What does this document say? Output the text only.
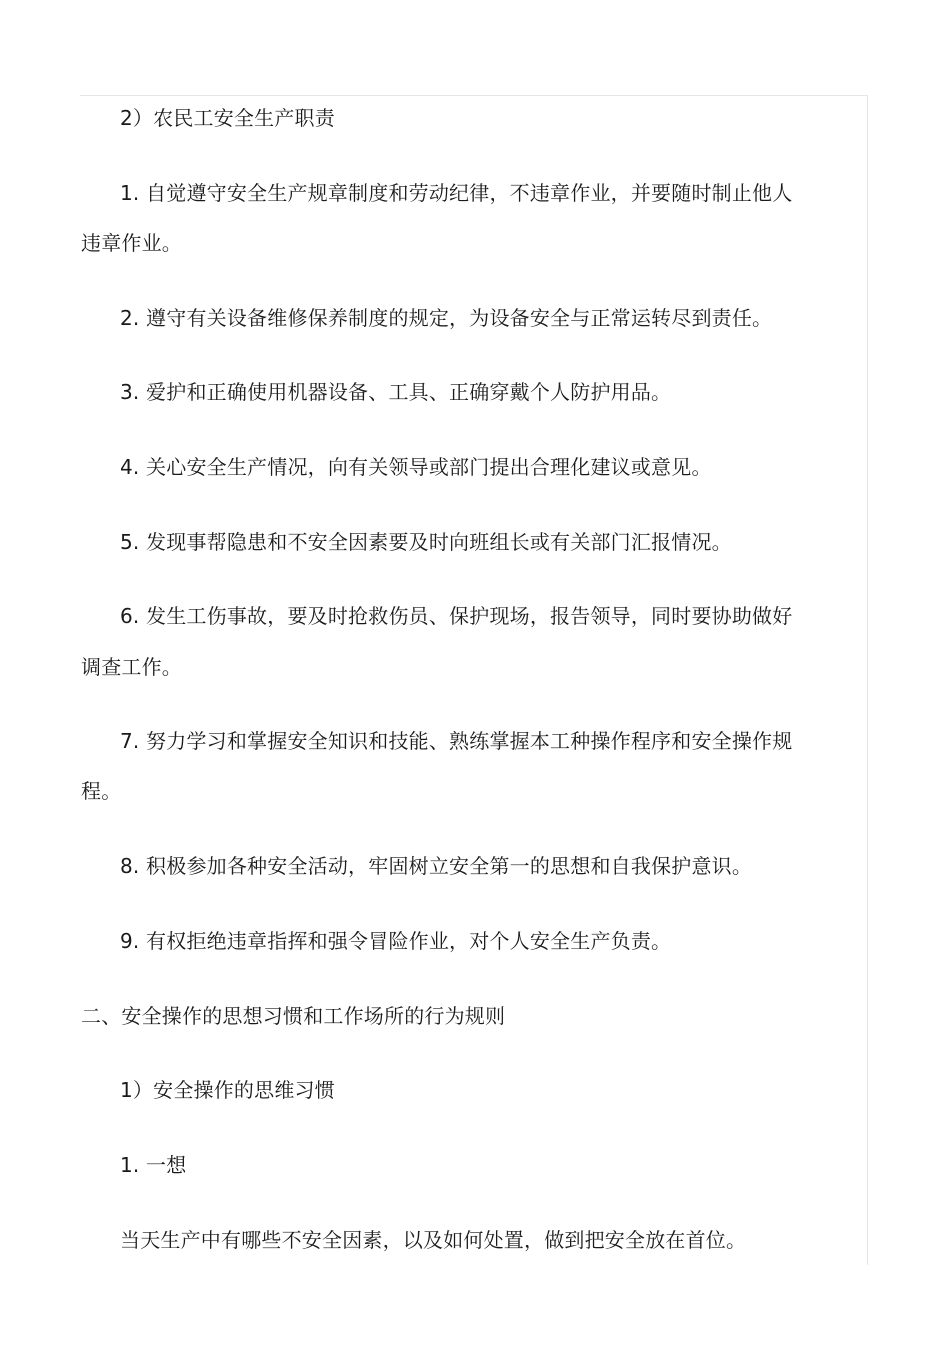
2）农民工安全生产职责

1. 自觉遵守安全生产规章制度和劳动纪律，不违章作业，并要随时制止他人

违章作业。

2. 遵守有关设备维修保养制度的规定，为设备安全与正常运转尽到责任。

3. 爱护和正确使用机器设备、工具、正确穿戴个人防护用品。

4. 关心安全生产情况，向有关领导或部门提出合理化建议或意见。

5. 发现事帮隐患和不安全因素要及时向班组长或有关部门汇报情况。

6. 发生工伤事故，要及时抢救伤员、保护现场，报告领导，同时要协助做好

调查工作。

7. 努力学习和掌握安全知识和技能、熟练掌握本工种操作程序和安全操作规

程。

8. 积极参加各种安全活动，牢固树立安全第一的思想和自我保护意识。

9. 有权拒绝违章指挥和强令冒险作业，对个人安全生产负责。

二、安全操作的思想习惯和工作场所的行为规则

1）安全操作的思维习惯

1. 一想

当天生产中有哪些不安全因素，以及如何处置，做到把安全放在首位。
